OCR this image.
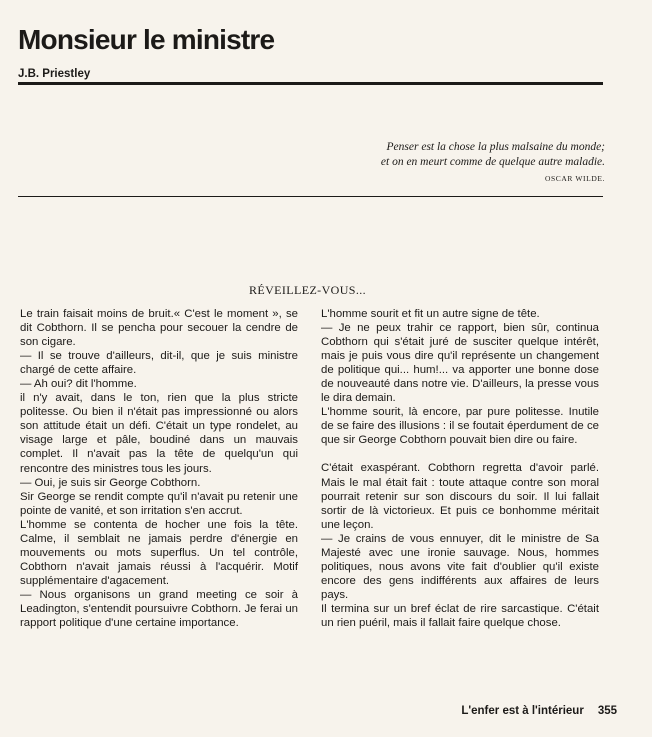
Monsieur le ministre
J.B. Priestley
Penser est la chose la plus malsaine du monde;
et on en meurt comme de quelque autre maladie.
OSCAR WILDE.
RÉVEILLEZ-VOUS...

Le train faisait moins de bruit.« C'est le moment », se dit Cobthorn. Il se pencha pour secouer la cendre de son cigare.

— Il se trouve d'ailleurs, dit-il, que je suis ministre chargé de cette affaire.

— Ah oui? dit l'homme.

il n'y avait, dans le ton, rien que la plus stricte politesse. Ou bien il n'était pas impressionné ou alors son attitude était un défi. C'était un type rondelet, au visage large et pâle, boudiné dans un mauvais complet. Il n'avait pas la tête de quelqu'un qui rencontre des ministres tous les jours.

— Oui, je suis sir George Cobthorn.

Sir George se rendit compte qu'il n'avait pu retenir une pointe de vanité, et son irritation s'en accrut.

L'homme se contenta de hocher une fois la tête. Calme, il semblait ne jamais perdre d'énergie en mouvements ou mots superflus. Un tel contrôle, Cobthorn n'avait jamais réussi à l'acquérir. Motif supplémentaire d'agacement.

— Nous organisons un grand meeting ce soir à Leadington, s'entendit poursuivre Cobthorn. Je ferai un rapport politique d'une certaine importance.

L'homme sourit et fit un autre signe de tête.

— Je ne peux trahir ce rapport, bien sûr, continua Cobthorn qui s'était juré de susciter quelque intérêt, mais je puis vous dire qu'il représente un changement de politique qui... hum!... va apporter une bonne dose de nouveauté dans notre vie. D'ailleurs, la presse vous le dira demain.

L'homme sourit, là encore, par pure politesse. Inutile de se faire des illusions : il se foutait éperdument de ce que sir George Cobthorn pouvait bien dire ou faire.

C'était exaspérant. Cobthorn regretta d'avoir parlé. Mais le mal était fait : toute attaque contre son moral pourrait retenir sur son discours du soir. Il lui fallait sortir de là victorieux. Et puis ce bonhomme méritait une leçon.

— Je crains de vous ennuyer, dit le ministre de Sa Majesté avec une ironie sauvage. Nous, hommes politiques, nous avons vite fait d'oublier qu'il existe encore des gens indifférents aux affaires de leurs pays.

Il termina sur un bref éclat de rire sarcastique. C'était un rien puéril, mais il fallait faire quelque chose.

L'enfer est à l'intérieur 355
